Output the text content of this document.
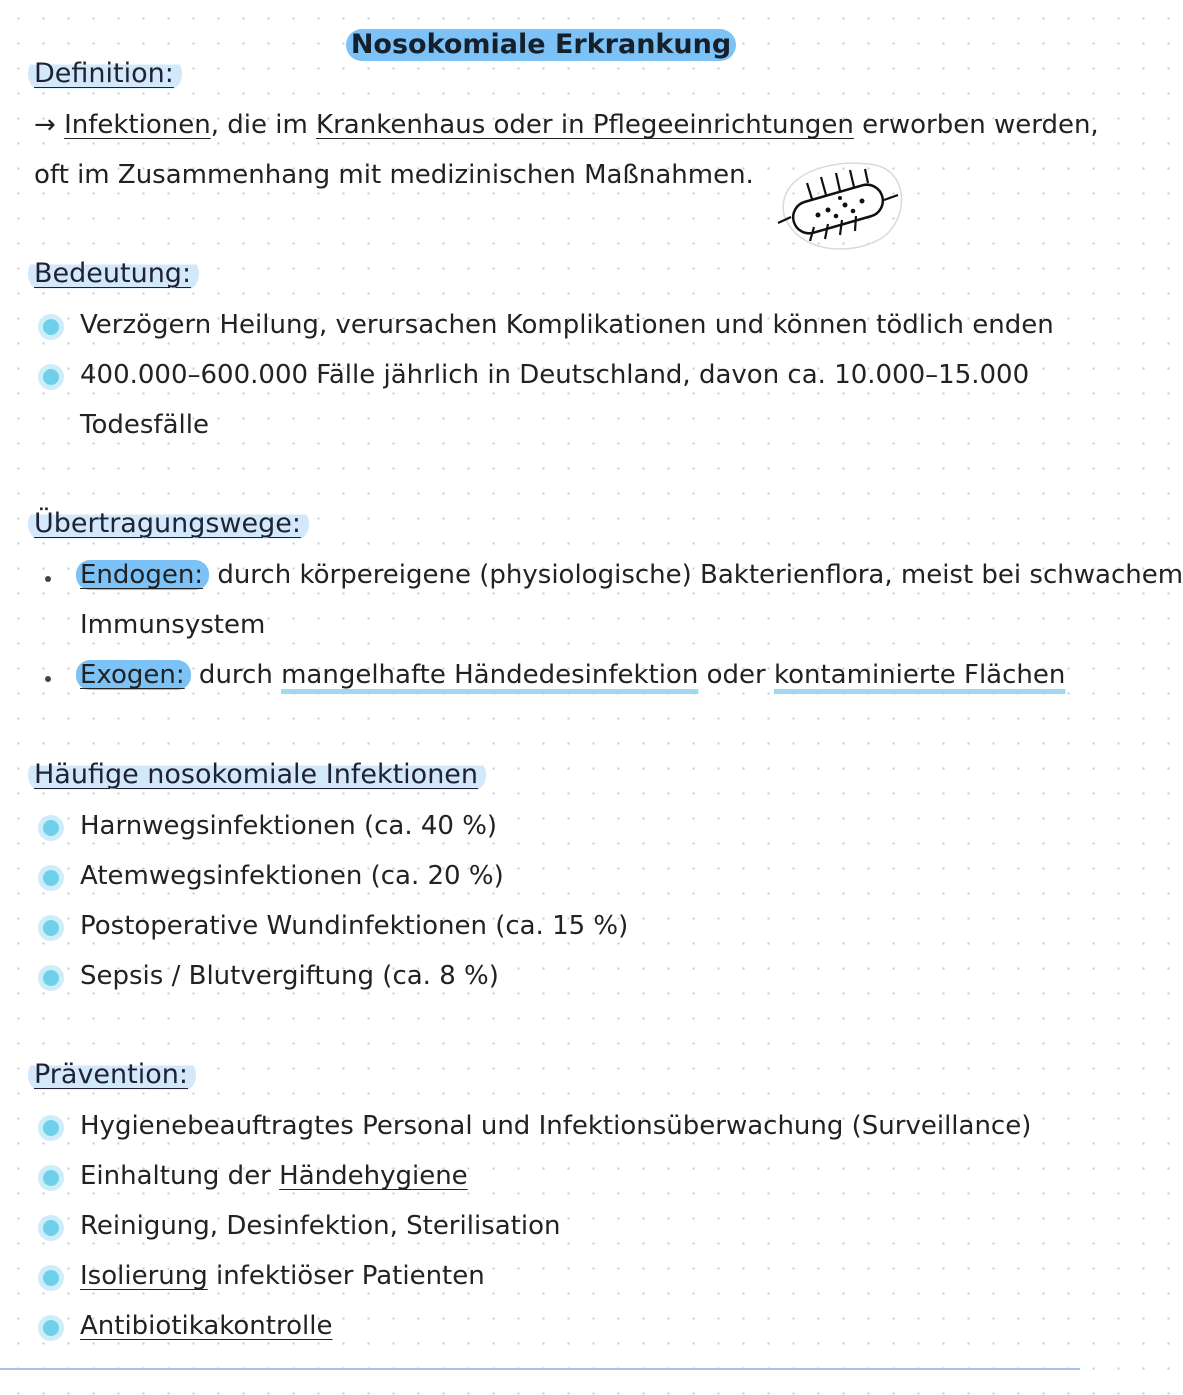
Nosokomiale Erkrankung
Definition:
→ Infektionen, die im Krankenhaus oder in Pflegeeinrichtungen erworben werden,
oft im Zusammenhang mit medizinischen Maßnahmen.
Bedeutung:
Verzögern Heilung, verursachen Komplikationen und können tödlich enden
400.000–600.000 Fälle jährlich in Deutschland, davon ca. 10.000–15.000
Todesfälle
Übertragungswege:
Endogen: durch körpereigene (physiologische) Bakterienflora, meist bei schwachem
Immunsystem
Exogen: durch mangelhafte Händedesinfektion oder kontaminierte Flächen
Häufige nosokomiale Infektionen
Harnwegsinfektionen (ca. 40 %)
Atemwegsinfektionen (ca. 20 %)
Postoperative Wundinfektionen (ca. 15 %)
Sepsis / Blutvergiftung (ca. 8 %)
Prävention:
Hygienebeauftragtes Personal und Infektionsüberwachung (Surveillance)
Einhaltung der Händehygiene
Reinigung, Desinfektion, Sterilisation
Isolierung infektiöser Patienten
Antibiotikakontrolle
